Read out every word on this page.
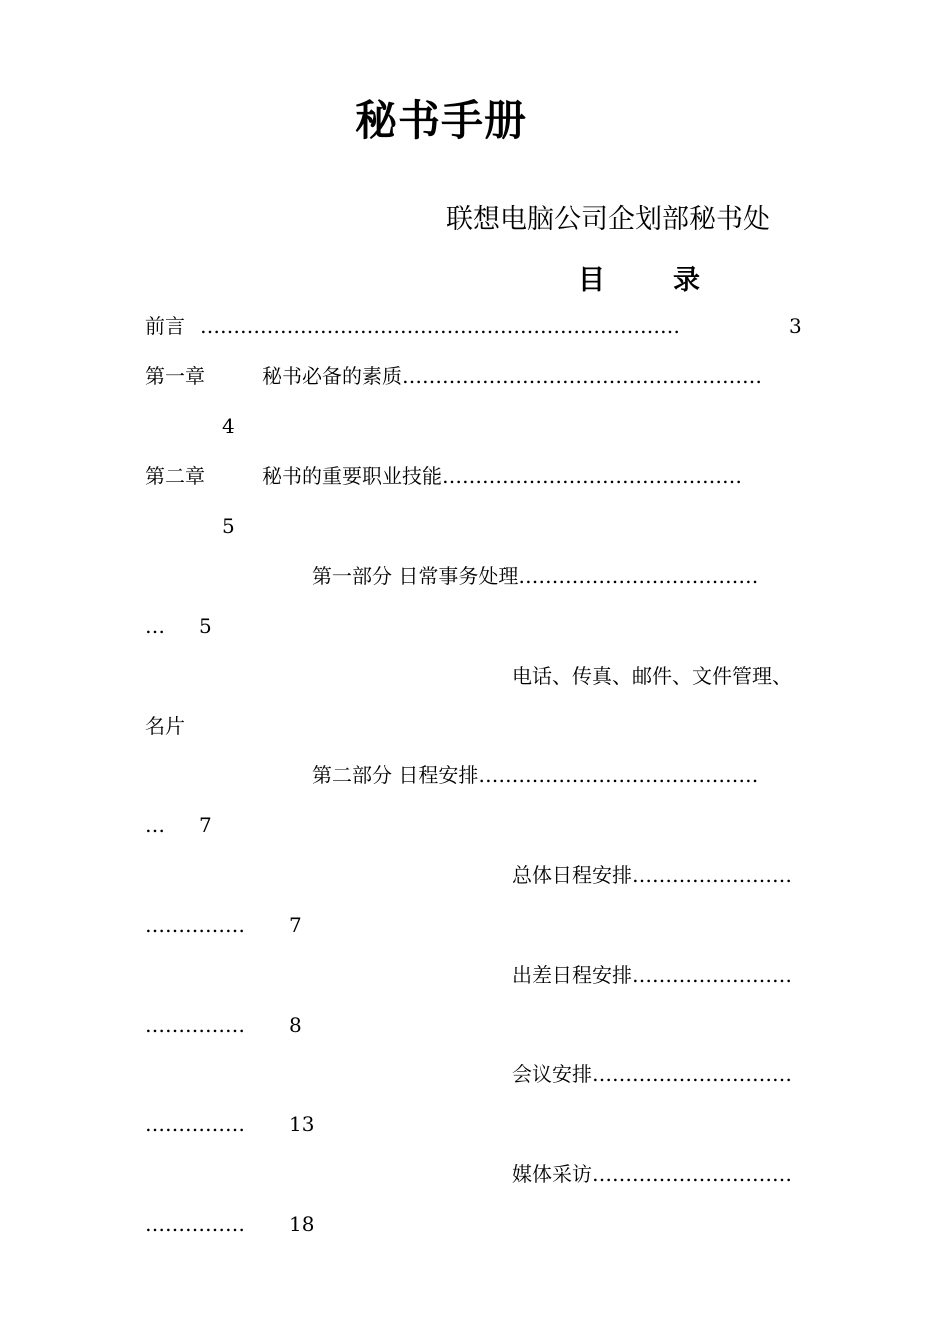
秘书手册
联想电脑公司企划部秘书处
目	录
前言 ………………………………………………………………	3
第一章	秘书必备的素质………………………………………………
4
第二章	秘书的重要职业技能………………………………………
5
第一部分 日常事务处理………………………………
… 5
电话、传真、邮件、文件管理、
名片
第二部分 日程安排……………………………………
… 7
总体日程安排……………………
…………… 7
出差日程安排……………………
…………… 8
会议安排…………………………
…………… 13
媒体采访…………………………
…………… 18
